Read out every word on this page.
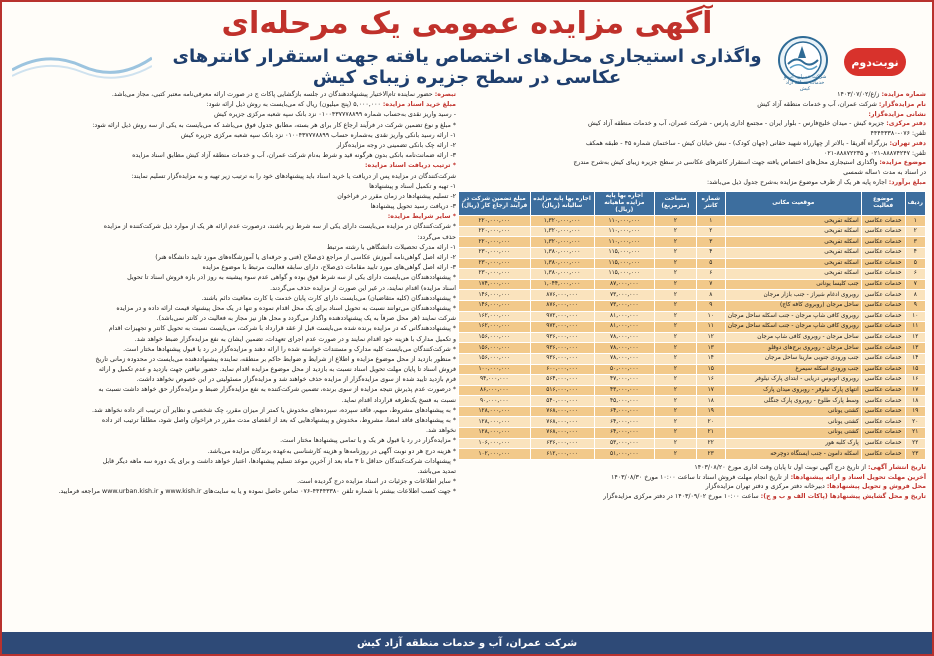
آگهی مزایده عمومی یک مرحله‌ای
واگذاری استیجاری محل‌های اختصاص یافته جهت استقرار کانترهای عکاسی در سطح جزیره زیبای کیش
نوبت‌دوم
شرکت عمران، آب و خدمات منطقه آزاد کیش
شماره مزایده: ز/ع/۱۴۰۳/۰۷/۰۲
نام مزایده‌گزار: شرکت عمران، آب و خدمات منطقه آزاد کیش
نشانی مزایده‌گزار:
دفتر مرکزی: جزیره کیش - میدان خلیج‌فارس - بلوار ایران - مجتمع اداری پارس - شرکت عمران، آب و خدمات منطقه آزاد کیش
تلفن: ۰۷۶-۴۴۴۴۳۳۸۰
دفتر تهران: بزرگراه آفریقا - بالاتر از چهارراه شهید حقانی (جهان کودک) - نبش خیابان کیش - ساختمان شماره ۴۵ - طبقه همکف
تلفن: ۸۸۸۷۴۲۴۷-۰۲۱ و ۸۸۸۷۲۲۳۵-۰۲۱
موضوع مزایده: واگذاری استیجاری محل‌های اختصاص یافته جهت استقرار کانترهای عکاسی در سطح جزیره زیبای کیش به‌شرح مندرج
در اسناد به مدت ۱ساله شمسی
مبلغ برآورد: اجاره پایه هر یک از ظرف موضوع مزایده به‌شرح جدول ذیل می‌باشد:
ردیف	موضوع فعالیت	موقعیت مکانی	شماره کانتر	مساحت (مترمربع)	اجاره بها پایه مزایده ماهیانه (ریال)	اجاره بها پایه مزایده سالیانه (ریال)	مبلغ تضمین شرکت در فرآیند ارجاع کار (ریال)
۱	خدمات عکاسی	اسکله تفریحی	۱	۲	۱۱۰,۰۰۰,۰۰۰	۱,۳۲۰,۰۰۰,۰۰۰	۲۲۰,۰۰۰,۰۰۰
۲	خدمات عکاسی	اسکله تفریحی	۲	۲	۱۱۰,۰۰۰,۰۰۰	۱,۳۲۰,۰۰۰,۰۰۰	۲۲۰,۰۰۰,۰۰۰
۳	خدمات عکاسی	اسکله تفریحی	۳	۲	۱۱۰,۰۰۰,۰۰۰	۱,۳۲۰,۰۰۰,۰۰۰	۲۲۰,۰۰۰,۰۰۰
۴	خدمات عکاسی	اسکله تفریحی	۴	۲	۱۱۵,۰۰۰,۰۰۰	۱,۳۸۰,۰۰۰,۰۰۰	۲۳۰,۰۰۰,۰۰۰
۵	خدمات عکاسی	اسکله تفریحی	۵	۲	۱۱۵,۰۰۰,۰۰۰	۱,۳۸۰,۰۰۰,۰۰۰	۲۳۰,۰۰۰,۰۰۰
۶	خدمات عکاسی	اسکله تفریحی	۶	۲	۱۱۵,۰۰۰,۰۰۰	۱,۳۸۰,۰۰۰,۰۰۰	۲۳۰,۰۰۰,۰۰۰
۷	خدمات عکاسی	جنب کلیسا یونانی	۷	۲	۸۷,۰۰۰,۰۰۰	۱,۰۴۴,۰۰۰,۰۰۰	۱۷۴,۰۰۰,۰۰۰
۸	خدمات عکاسی	روبروی ادغام شیراز - جنب بازار مرجان	۸	۲	۷۳,۰۰۰,۰۰۰	۸۷۶,۰۰۰,۰۰۰	۱۴۶,۰۰۰,۰۰۰
۹	خدمات عکاسی	ساحل مرجان (روبروی کافه کاج)	۹	۲	۷۳,۰۰۰,۰۰۰	۸۷۶,۰۰۰,۰۰۰	۱۴۶,۰۰۰,۰۰۰
۱۰	خدمات عکاسی	روبروی کافی شاپ مرجان - جنب اسکله ساحل مرجان	۱۰	۲	۸۱,۰۰۰,۰۰۰	۹۷۲,۰۰۰,۰۰۰	۱۶۲,۰۰۰,۰۰۰
۱۱	خدمات عکاسی	روبروی کافی شاپ مرجان - جنب اسکله ساحل مرجان	۱۱	۲	۸۱,۰۰۰,۰۰۰	۹۷۲,۰۰۰,۰۰۰	۱۶۲,۰۰۰,۰۰۰
۱۲	خدمات عکاسی	ساحل مرجان - روبروی کافی شاپ مرجان	۱۲	۲	۷۸,۰۰۰,۰۰۰	۹۳۶,۰۰۰,۰۰۰	۱۵۶,۰۰۰,۰۰۰
۱۳	خدمات عکاسی	ساحل مرجان - روبروی برج‌های دوقلو	۱۳	۲	۷۸,۰۰۰,۰۰۰	۹۳۶,۰۰۰,۰۰۰	۱۵۶,۰۰۰,۰۰۰
۱۴	خدمات عکاسی	جنب ورودی جنوبی مارینا ساحل مرجان	۱۴	۲	۷۸,۰۰۰,۰۰۰	۹۳۶,۰۰۰,۰۰۰	۱۵۶,۰۰۰,۰۰۰
۱۵	خدمات عکاسی	جنب ورودی اسکله سیمرغ	۱۵	۲	۵۰,۰۰۰,۰۰۰	۶۰۰,۰۰۰,۰۰۰	۱۰۰,۰۰۰,۰۰۰
۱۶	خدمات عکاسی	روبروی اتوبوس دریایی - ابتدای پارک نیلوفر	۱۶	۲	۴۷,۰۰۰,۰۰۰	۵۶۴,۰۰۰,۰۰۰	۹۴,۰۰۰,۰۰۰
۱۷	خدمات عکاسی	انتهای پارک نیلوفر - روبروی میدان پارک	۱۷	۲	۴۳,۰۰۰,۰۰۰	۵۱۶,۰۰۰,۰۰۰	۸۶,۰۰۰,۰۰۰
۱۸	خدمات عکاسی	وسط پارک طلوع - روبروی پارک جنگلی	۱۸	۲	۴۵,۰۰۰,۰۰۰	۵۴۰,۰۰۰,۰۰۰	۹۰,۰۰۰,۰۰۰
۱۹	خدمات عکاسی	کشتی یونانی	۱۹	۲	۶۴,۰۰۰,۰۰۰	۷۶۸,۰۰۰,۰۰۰	۱۲۸,۰۰۰,۰۰۰
۲۰	خدمات عکاسی	کشتی یونانی	۲۰	۲	۶۴,۰۰۰,۰۰۰	۷۶۸,۰۰۰,۰۰۰	۱۲۸,۰۰۰,۰۰۰
۲۱	خدمات عکاسی	کشتی یونانی	۲۱	۲	۶۴,۰۰۰,۰۰۰	۷۶۸,۰۰۰,۰۰۰	۱۲۸,۰۰۰,۰۰۰
۲۲	خدمات عکاسی	پارک کلبه هور	۲۲	۲	۵۳,۰۰۰,۰۰۰	۶۳۶,۰۰۰,۰۰۰	۱۰۶,۰۰۰,۰۰۰
۲۳	خدمات عکاسی	اسکله دامون - جنب ایستگاه دوچرخه	۲۳	۲	۵۱,۰۰۰,۰۰۰	۶۱۲,۰۰۰,۰۰۰	۱۰۲,۰۰۰,۰۰۰
تاریخ انتشار آگهی: از تاریخ درج آگهی نوبت اول تا پایان وقت اداری مورخ ۱۴۰۳/۰۸/۲۰
آخرین مهلت تحویل اسناد و ارائه پیشنهادها: از تاریخ انجام مهلت فروش اسناد تا ساعت ۱۰:۰۰ مورخ ۱۴۰۳/۰۸/۳۰
محل فروش و تحویل پیشنهادها: دبیرخانه دفتر مرکزی و دفتر تهران مزایده‌گزار
تاریخ و محل گشایش پیشنهادها (پاکات الف و ب و ج): ساعت ۱۰:۰۰ مورخ ۱۴۰۳/۰۹/۰۲ در دفتر مرکزی مزایده‌گزار
تبصره: حضور نماینده تام‌الاختیار پیشنهاددهندگان در جلسه بازگشایی پاکات ج در صورت ارائه معرفی‌نامه معتبر کتبی، مجاز می‌باشد.
مبلغ خرید اسناد مزایده: ۵,۰۰۰,۰۰۰ (پنج میلیون) ریال که می‌بایست به روش ذیل ارائه شود:
- رسید واریز نقدی به‌حساب شماره ۰۱۰۰۴۳۷۷۷۸۸۹۹ نزد بانک سپه شعبه مرکزی جزیره کیش
* مبلغ و نوع تضمین شرکت در فرآیند ارجاع کار برای هر بسته، مطابق جدول فوق می‌باشد که می‌بایست به یکی از سه روش ذیل ارائه شود:
۱- ارائه رسید بانکی واریز نقدی به‌شماره حساب ۰۱۰۰۴۳۷۷۷۸۸۹۹ نزد بانک سپه شعبه مرکزی جزیره کیش
۲- ارائه چک بانکی تضمینی در وجه مزایده‌گزار
۳- ارائه ضمانت‌نامه بانکی بدون هرگونه قید و شرط به‌نام شرکت عمران، آب و خدمات منطقه آزاد کیش مطابق اسناد مزایده
* ترتیب دریافت اسناد مزایده:
شرکت‌کنندگان در مزایده پس از دریافت یا خرید اسناد باید پیشنهادهای خود را به ترتیب زیر تهیه و به مزایده‌گزار تسلیم نمایند:
۱- تهیه و تکمیل اسناد و پیشنهادها
۲- تسلیم پیشنهادها در زمان مقرر در فراخوان
۳- دریافت رسید تحویل پیشنهادها
* سایر شرایط مزایده:
* شرکت‌کنندگان در مزایده می‌بایست دارای یکی از سه شرط زیر باشند، درصورت عدم ارائه هر یک از موارد ذیل شرکت‌کننده از مزایده
حذف می‌گردد:
۱- ارائه مدرک تحصیلات دانشگاهی با رشته مرتبط
۲- ارائه اصل گواهی‌نامه آموزش عکاسی از مراجع ذی‌صلاح (فنی و حرفه‌ای یا آموزشگاه‌های مورد تایید دانشگاه هنر)
۳- ارائه اصل گواهی‌های مورد تایید مقامات ذی‌صلاح، دارای سابقه فعالیت مرتبط با موضوع مزایده
* پیشنهاددهندگان می‌بایست دارای یکی از سه شرط فوق بوده و گواهی عدم سوء پیشینه به روز (در بازه فروش اسناد تا تحویل
اسناد مزایده) اقدام نمایند، در غیر این صورت از مزایده حذف می‌گردند.
* پیشنهاددهندگان (کلیه متقاضیان) می‌بایست دارای کارت پایان خدمت یا کارت معافیت دائم باشند.
* پیشنهاددهندگان می‌توانند نسبت به تحویل اسناد برای یک محل اقدام نموده و تنها در یک محل پیشنهاد قیمت ارائه داده و در مزایده
شرکت نمایند (هر محل صرفاً به یک پیشنهاددهنده واگذار می‌گردد و محل هاز نیز مجاز به فعالیت در کانتر نمی‌باشد).
* پیشنهاددهندگانی که در مزایده برنده شده می‌بایست قبل از عقد قرارداد با شرکت، می‌بایست نسبت به تحویل کانتر و تجهیزات اقدام
و تکمیل مدارک با هزینه خود اقدام نمایند و در صورت عدم اجرای تعهدات، تضمین ایشان به نفع مزایده‌گزار ضبط خواهد شد.
* شرکت‌کنندگان می‌بایست کلیه مدارک و مستندات خواسته شده را ارائه دهند و مزایده‌گزار در رد یا قبول پیشنهادها مختار است.
* منظور بازدید از محل موضوع مزایده و اطلاع از شرایط و ضوابط حاکم بر منطقه، نماینده پیشنهاددهنده می‌بایست در محدوده زمانی تاریخ
فروش اسناد تا پایان مهلت تحویل اسناد نسبت به بازدید از محل موضوع مزایده اقدام نماید. حضور نیافتن جهت بازدید و عدم تکمیل و ارائه
فرم بازدید تایید شده از سوی مزایده‌گزار از مزایده حذف خواهند شد و مزایده‌گزار مسئولیتی در این خصوص نخواهد داشت.
* درصورت عدم پذیرش نتیجه مزایده از سوی برنده، تضمین شرکت‌کننده به نفع مزایده‌گزار ضبط و مزایده‌گزار حق خواهد داشت نسبت به
نسبت به فسخ یک‌طرفه قرارداد اقدام نماید.
* به پیشنهادهای مشروط، مبهم، فاقد سپرده، سپرده‌های مخدوش یا کمتر از میزان مقرر، چک شخصی و نظایر آن ترتیب اثر داده نخواهد شد.
* به پیشنهادهای فاقد امضا، مشروط، مخدوش و پیشنهادهایی که بعد از انقضای مدت مقرر در فراخوان واصل شود، مطلقاً ترتیب اثر داده
نخواهد شد.
* مزایده‌گزار در رد یا قبول هر یک و یا تمامی پیشنهادها مختار است.
* هزینه درج هر دو نوبت آگهی در روزنامه‌ها و هزینه کارشناسی به‌عهده برندگان مزایده می‌باشد.
* پیشنهادات شرکت‌کنندگان حداقل تا ۳ ماه بعد از آخرین موعد تسلیم پیشنهادها، اعتبار خواهد داشت و برای یک دوره سه ماهه دیگر قابل
تمدید می‌باشد.
* سایر اطلاعات و جزئیات در اسناد مزایده درج گردیده است.
* جهت کسب اطلاعات بیشتر با شماره تلفن ۴۴۴۴۳۳۸۰-۰۷۶ تماس حاصل نموده و یا به سایت‌های www.kish.ir و www.urban.kish.ir مراجعه فرمایید.
شرکت عمران، آب و خدمات منطقه آزاد کیش
